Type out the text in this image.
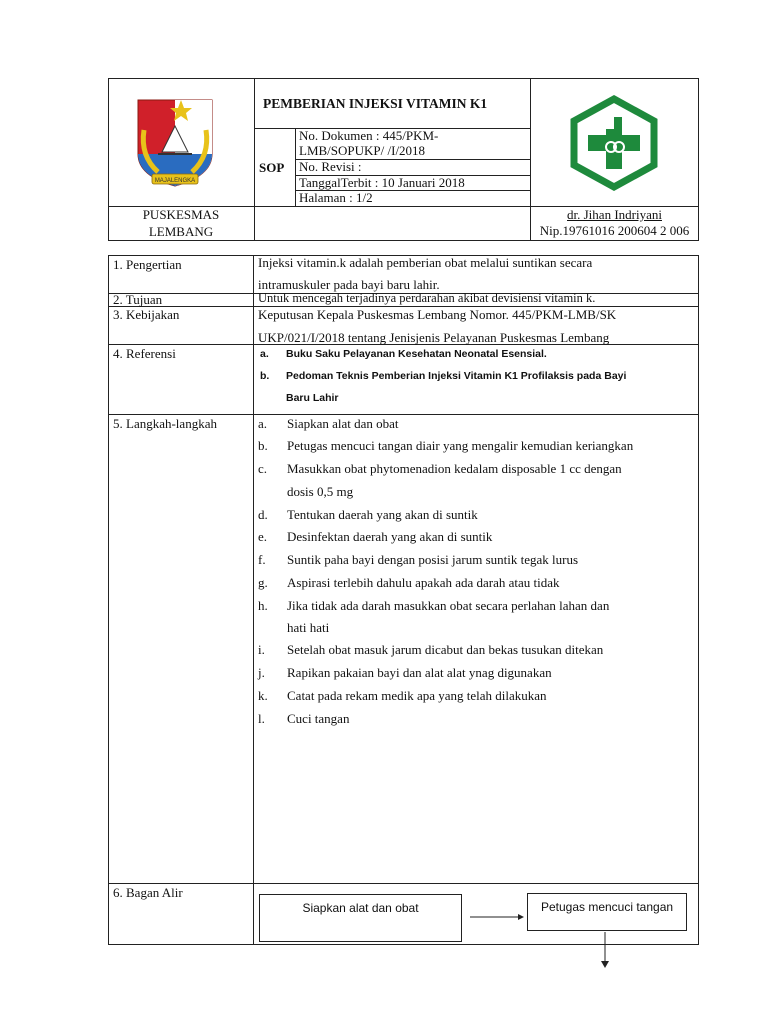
MAJALENGKA
PEMBERIAN INJEKSI VITAMIN K1
SOP
No. Dokumen : 445/PKM-
LMB/SOPUKP/ /I/2018
No. Revisi :
TanggalTerbit : 10 Januari 2018
Halaman : 1/2
PUSKESMAS
LEMBANG
dr. Jihan Indriyani
Nip.19761016 200604 2 006
1. Pengertian	Injeksi vitamin.k adalah pemberian obat melalui suntikan secara
intramuskuler pada bayi baru lahir.
2. Tujuan	Untuk mencegah terjadinya perdarahan akibat devisiensi vitamin k.
3. Kebijakan	Keputusan Kepala Puskesmas Lembang Nomor. 445/PKM-LMB/SK
UKP/021/I/2018 tentang Jenisjenis Pelayanan Puskesmas Lembang
4. Referensi	a. Buku Saku Pelayanan Kesehatan Neonatal Esensial.
b. Pedoman Teknis Pemberian Injeksi Vitamin K1 Profilaksis pada Bayi
Baru Lahir
5. Langkah-langkah	a. Siapkan alat dan obat
b. Petugas mencuci tangan diair yang mengalir kemudian keriangkan
c. Masukkan obat phytomenadion kedalam disposable 1 cc dengan
dosis 0,5 mg
d. Tentukan daerah yang akan di suntik
e. Desinfektan daerah yang akan di suntik
f. Suntik paha bayi dengan posisi jarum suntik tegak lurus
g. Aspirasi terlebih dahulu apakah ada darah atau tidak
h. Jika tidak ada darah masukkan obat secara perlahan lahan dan
hati hati
i. Setelah obat masuk jarum dicabut dan bekas tusukan ditekan
j. Rapikan pakaian bayi dan alat alat ynag digunakan
k. Catat pada rekam medik apa yang telah dilakukan
l. Cuci tangan
6. Bagan Alir
Siapkan alat dan obat	Petugas mencuci tangan
